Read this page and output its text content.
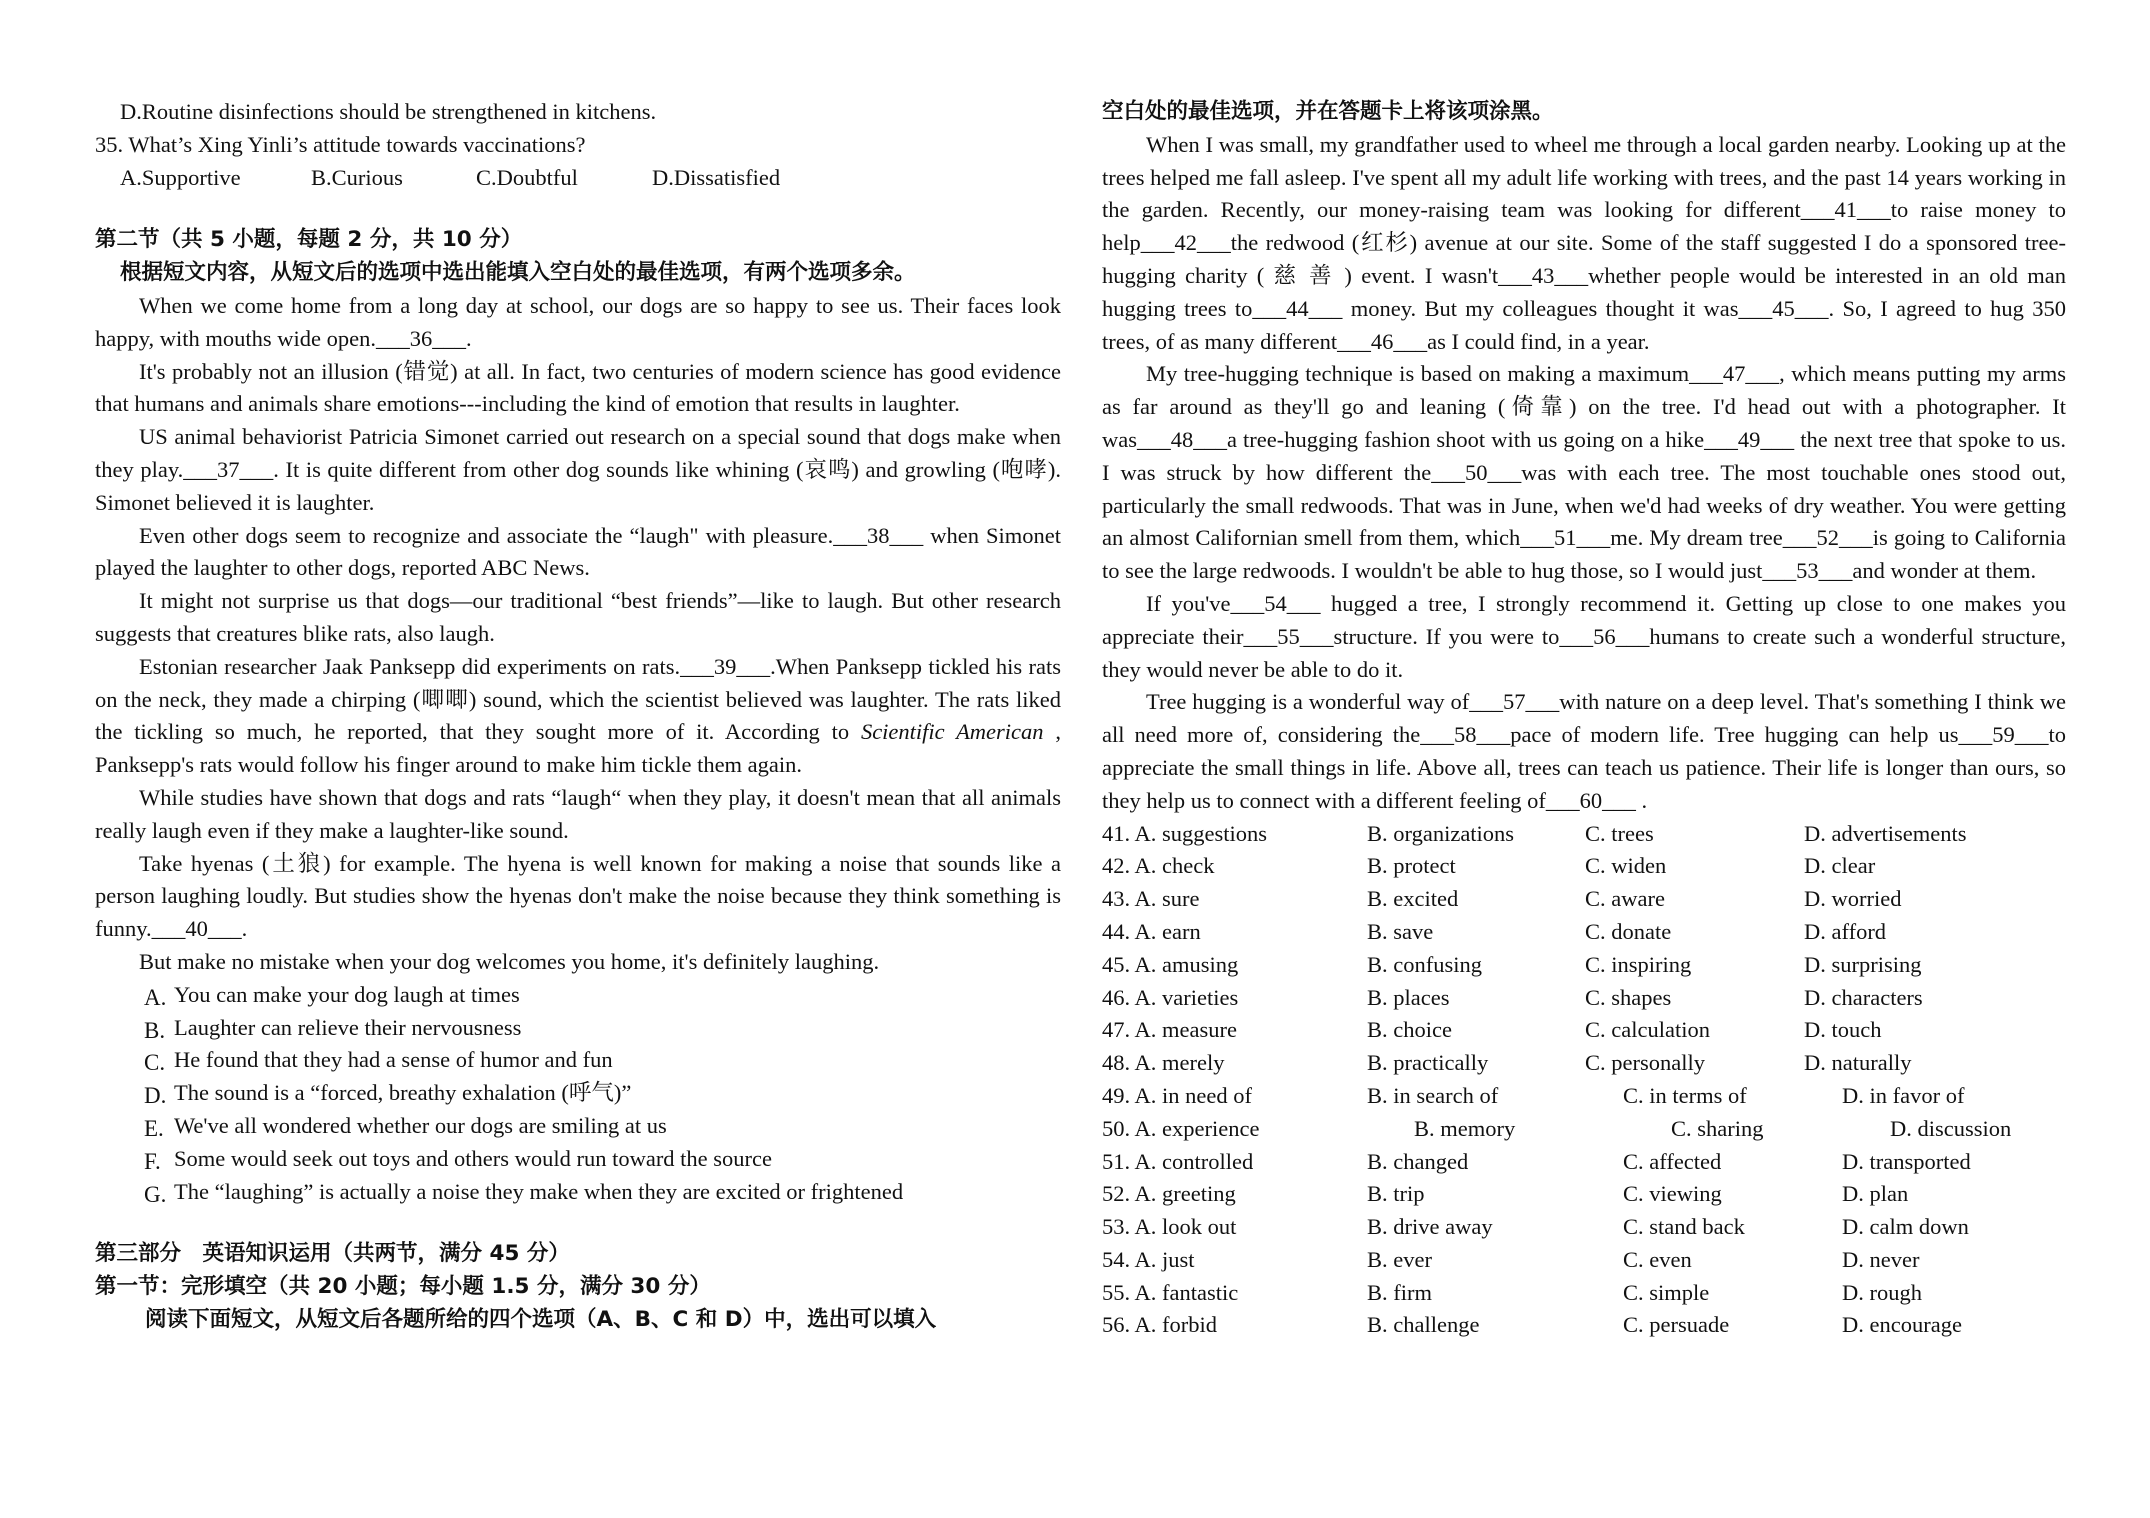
D.Routine disinfections should be strengthened in kitchens.

35. What’s Xing Yinli’s attitude towards vaccinations?

A.Supportive	B.Curious	C.Doubtful	D.Dissatisfied

第二节（共 5 小题，每题 2 分，共 10 分）

根据短文内容，从短文后的选项中选出能填入空白处的最佳选项，有两个选项多余。

When we come home from a long day at school, our dogs are so happy to see us. Their faces look happy, with mouths wide open.___36___.

It's probably not an illusion (错觉) at all. In fact, two centuries of modern science has good evidence that humans and animals share emotions---including the kind of emotion that results in laughter.

US animal behaviorist Patricia Simonet carried out research on a special sound that dogs make when they play.___37___. It is quite different from other dog sounds like whining (哀鸣) and growling (咆哮). Simonet believed it is laughter.

Even other dogs seem to recognize and associate the “laugh" with pleasure.___38___ when Simonet played the laughter to other dogs, reported ABC News.

It might not surprise us that dogs—our traditional “best friends”—like to laugh. But other research suggests that creatures blike rats, also laugh.

Estonian researcher Jaak Panksepp did experiments on rats.___39___.When Panksepp tickled his rats on the neck, they made a chirping (唧唧) sound, which the scientist believed was laughter. The rats liked the tickling so much, he reported, that they sought more of it. According to Scientific American , Panksepp's rats would follow his finger around to make him tickle them again.

While studies have shown that dogs and rats “laugh“ when they play, it doesn't mean that all animals really laugh even if they make a laughter-like sound.

Take hyenas (土狼) for example. The hyena is well known for making a noise that sounds like a person laughing loudly. But studies show the hyenas don't make the noise because they think something is funny.___40___.

But make no mistake when your dog welcomes you home, it's definitely laughing.

A. You can make your dog laugh at times

B. Laughter can relieve their nervousness

C. He found that they had a sense of humor and fun

D. The sound is a “forced, breathy exhalation (呼气)”

E. We've all wondered whether our dogs are smiling at us

F. Some would seek out toys and others would run toward the source

G. The “laughing” is actually a noise they make when they are excited or frightened

第三部分　英语知识运用（共两节，满分 45 分）

第一节：完形填空（共 20 小题；每小题 1.5 分，满分 30 分）

阅读下面短文，从短文后各题所给的四个选项（A、B、C 和 D）中，选出可以填入

空白处的最佳选项，并在答题卡上将该项涂黑。

When I was small, my grandfather used to wheel me through a local garden nearby. Looking up at the trees helped me fall asleep. I've spent all my adult life working with trees, and the past 14 years working in the garden. Recently, our money-raising team was looking for different___41___to raise money to help___42___the redwood (红杉) avenue at our site. Some of the staff suggested I do a sponsored tree-hugging charity ( 慈 善 ) event. I wasn't___43___whether people would be interested in an old man hugging trees to___44___ money. But my colleagues thought it was___45___. So, I agreed to hug 350 trees, of as many different___46___as I could find, in a year.

My tree-hugging technique is based on making a maximum___47___, which means putting my arms as far around as they'll go and leaning (倚靠) on the tree. I'd head out with a photographer. It was___48___a tree-hugging fashion shoot with us going on a hike___49___ the next tree that spoke to us. I was struck by how different the___50___was with each tree. The most touchable ones stood out, particularly the small redwoods. That was in June, when we'd had weeks of dry weather. You were getting an almost Californian smell from them, which___51___me. My dream tree___52___is going to California to see the large redwoods. I wouldn't be able to hug those, so I would just___53___and wonder at them.

If you've___54___ hugged a tree, I strongly recommend it. Getting up close to one makes you appreciate their___55___structure. If you were to___56___humans to create such a wonderful structure, they would never be able to do it.

Tree hugging is a wonderful way of___57___with nature on a deep level. That's something I think we all need more of, considering the___58___pace of modern life. Tree hugging can help us___59___to appreciate the small things in life. Above all, trees can teach us patience. Their life is longer than ours, so they help us to connect with a different feeling of___60___ .

41. A. suggestions	B. organizations	C. trees	D. advertisements
42. A. check	B. protect	C. widen	D. clear
43. A. sure	B. excited	C. aware	D. worried
44. A. earn	B. save	C. donate	D. afford
45. A. amusing	B. confusing	C. inspiring	D. surprising
46. A. varieties	B. places	C. shapes	D. characters
47. A. measure	B. choice	C. calculation	D. touch
48. A. merely	B. practically	C. personally	D. naturally
49. A. in need of	B. in search of	C. in terms of	D. in favor of
50. A. experience	B. memory	C. sharing	D. discussion
51. A. controlled	B. changed	C. affected	D. transported
52. A. greeting	B. trip	C. viewing	D. plan
53. A. look out	B. drive away	C. stand back	D. calm down
54. A. just	B. ever	C. even	D. never
55. A. fantastic	B. firm	C. simple	D. rough
56. A. forbid	B. challenge	C. persuade	D. encourage
